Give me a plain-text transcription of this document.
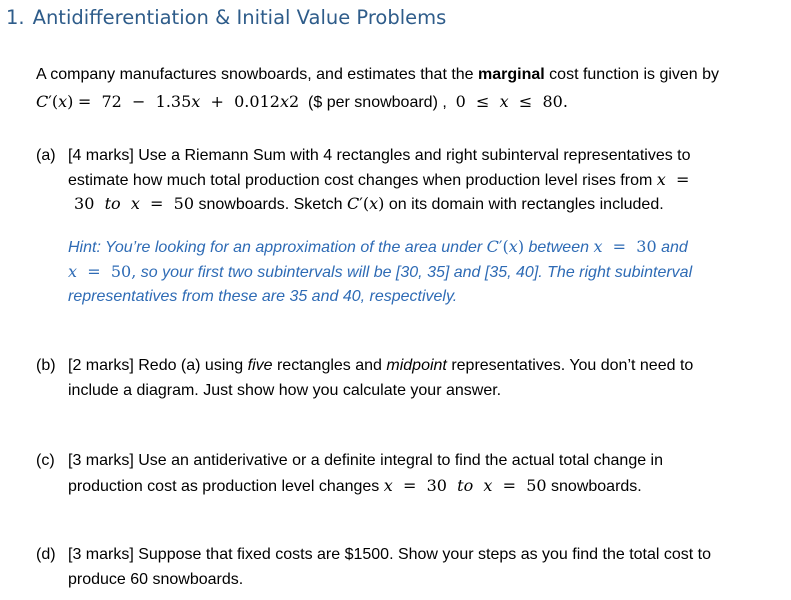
1. Antidifferentiation & Initial Value Problems
A company manufactures snowboards, and estimates that the marginal cost function is given by
C′(x) = 72 − 1.35x + 0.012x2 ($ per snowboard) , 0 ≤ x ≤ 80.
(a) [4 marks] Use a Riemann Sum with 4 rectangles and right subinterval representatives to
estimate how much total production cost changes when production level rises from x =
30 to x = 50 snowboards. Sketch C′(x) on its domain with rectangles included.
Hint: You’re looking for an approximation of the area under C′(x) between x = 30 and
x = 50, so your first two subintervals will be [30, 35] and [35, 40]. The right subinterval
representatives from these are 35 and 40, respectively.
(b) [2 marks] Redo (a) using five rectangles and midpoint representatives. You don’t need to
include a diagram. Just show how you calculate your answer.
(c) [3 marks] Use an antiderivative or a definite integral to find the actual total change in
production cost as production level changes x = 30 to x = 50 snowboards.
(d) [3 marks] Suppose that fixed costs are $1500. Show your steps as you find the total cost to
produce 60 snowboards.
